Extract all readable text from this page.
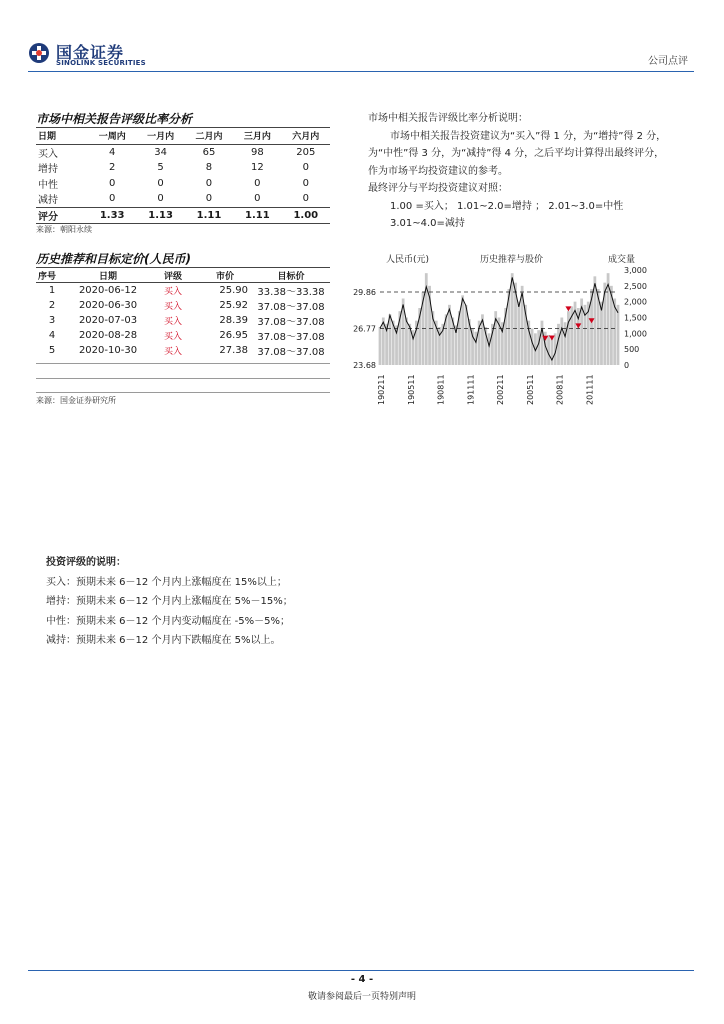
国金证券
SINOLINK SECURITIES	公司点评
市场中相关报告评级比率分析
日期	一周内	一月内	二月内	三月内	六月内
买入	4	34	65	98	205
增持	2	5	8	12	0
中性	0	0	0	0	0
减持	0	0	0	0	0
评分	1.33	1.13	1.11	1.11	1.00
来源：朝阳永续
历史推荐和目标定价(人民币)
序号	日期	评级	市价	目标价
1	2020-06-12	买入	25.90	33.38～33.38
2	2020-06-30	买入	25.92	37.08～37.08
3	2020-07-03	买入	28.39	37.08～37.08
4	2020-08-28	买入	26.95	37.08～37.08
5	2020-10-30	买入	27.38	37.08～37.08
来源：国金证券研究所

市场中相关报告评级比率分析说明：

市场中相关报告投资建议为“买入”得 1 分，为“增持”得 2 分，为“中性”得 3 分，为“减持”得 4 分，之后平均计算得出最终评分，作为市场平均投资建议的参考。

最终评分与平均投资建议对照：

1.00 =买入； 1.01~2.0=增持 ； 2.01~3.0=中性

3.01~4.0=减持

人民币(元)	历史推荐与股价	成交量
29.86
26.77
23.68
3,000
2,500
2,000
1,500
1,000
500
0
190211	190511	190811	191111	200211	200511	200811	201111
投资评级的说明：
买入：预期未来 6－12 个月内上涨幅度在 15%以上；
增持：预期未来 6－12 个月内上涨幅度在 5%－15%；
中性：预期未来 6－12 个月内变动幅度在 -5%－5%；
减持：预期未来 6－12 个月内下跌幅度在 5%以上。
- 4 -
敬请参阅最后一页特别声明
